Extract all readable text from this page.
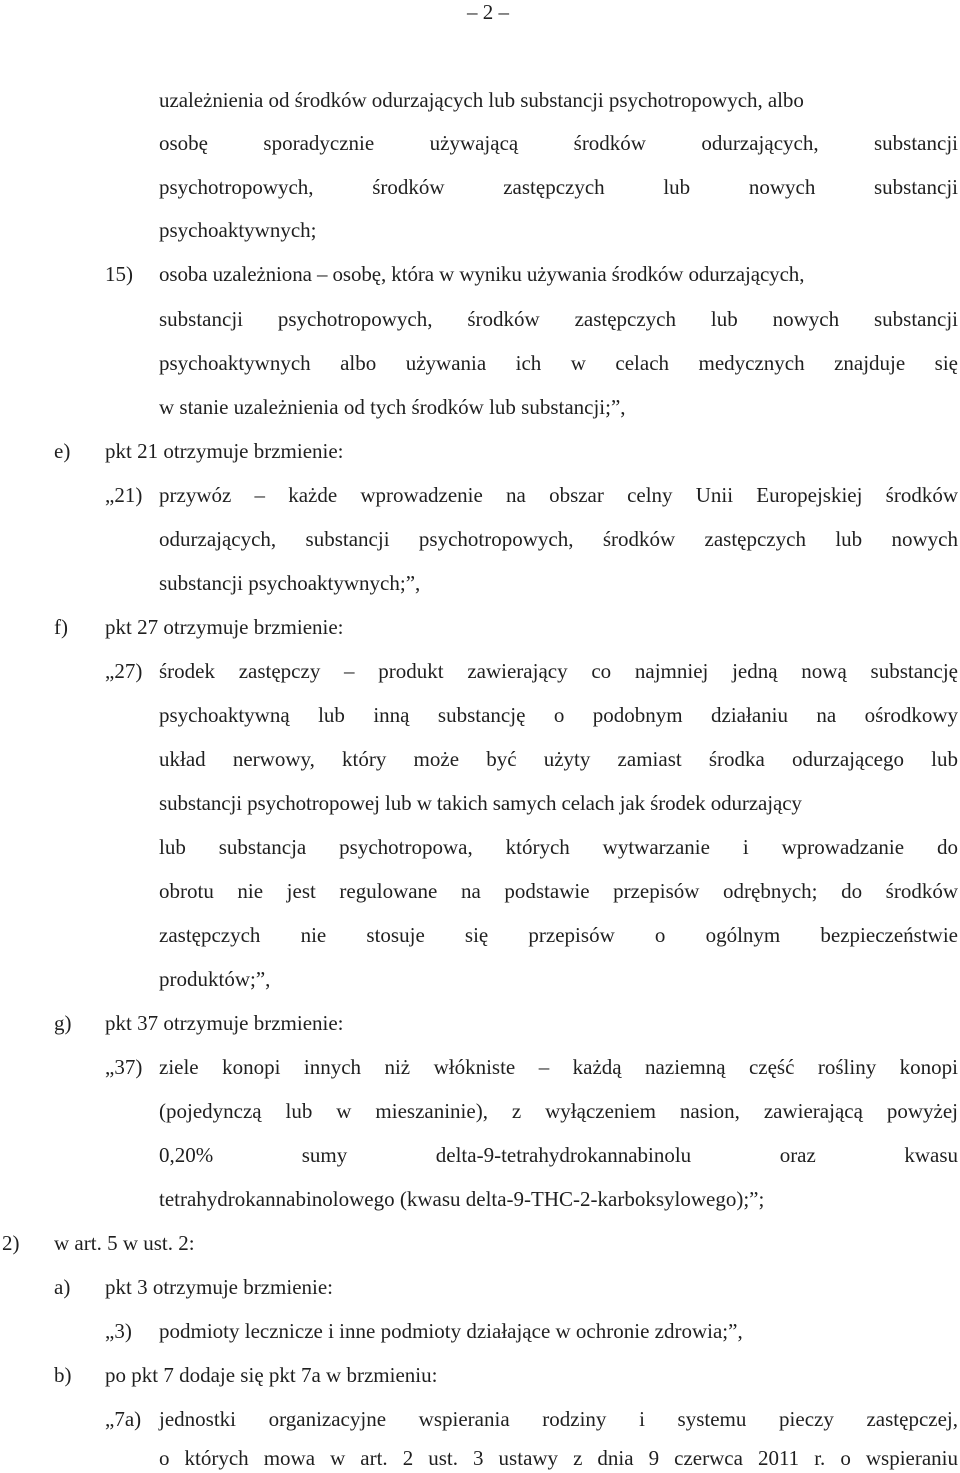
– 2 –
uzależnienia od środków odurzających lub substancji psychotropowych, albo
osobę sporadycznie używającą środków odurzających, substancji
psychotropowych, środków zastępczych lub nowych substancji
psychoaktywnych;
15) osoba uzależniona – osobę, która w wyniku używania środków odurzających,
substancji psychotropowych, środków zastępczych lub nowych substancji
psychoaktywnych albo używania ich w celach medycznych znajduje się
w stanie uzależnienia od tych środków lub substancji;”,
e) pkt 21 otrzymuje brzmienie:
„21) przywóz – każde wprowadzenie na obszar celny Unii Europejskiej środków
odurzających, substancji psychotropowych, środków zastępczych lub nowych
substancji psychoaktywnych;”,
f) pkt 27 otrzymuje brzmienie:
„27) środek zastępczy – produkt zawierający co najmniej jedną nową substancję
psychoaktywną lub inną substancję o podobnym działaniu na ośrodkowy
układ nerwowy, który może być użyty zamiast środka odurzającego lub
substancji psychotropowej lub w takich samych celach jak środek odurzający
lub substancja psychotropowa, których wytwarzanie i wprowadzanie do
obrotu nie jest regulowane na podstawie przepisów odrębnych; do środków
zastępczych nie stosuje się przepisów o ogólnym bezpieczeństwie
produktów;”,
g) pkt 37 otrzymuje brzmienie:
„37) ziele konopi innych niż włókniste – każdą naziemną część rośliny konopi
(pojedynczą lub w mieszaninie), z wyłączeniem nasion, zawierającą powyżej
0,20% sumy delta-9-tetrahydrokannabinolu oraz kwasu
tetrahydrokannabinolowego (kwasu delta-9-THC-2-karboksylowego);”;
2) w art. 5 w ust. 2:
a) pkt 3 otrzymuje brzmienie:
„3) podmioty lecznicze i inne podmioty działające w ochronie zdrowia;”,
b) po pkt 7 dodaje się pkt 7a w brzmieniu:
„7a) jednostki organizacyjne wspierania rodziny i systemu pieczy zastępczej,
o których mowa w art. 2 ust. 3 ustawy z dnia 9 czerwca 2011 r. o wspieraniu
